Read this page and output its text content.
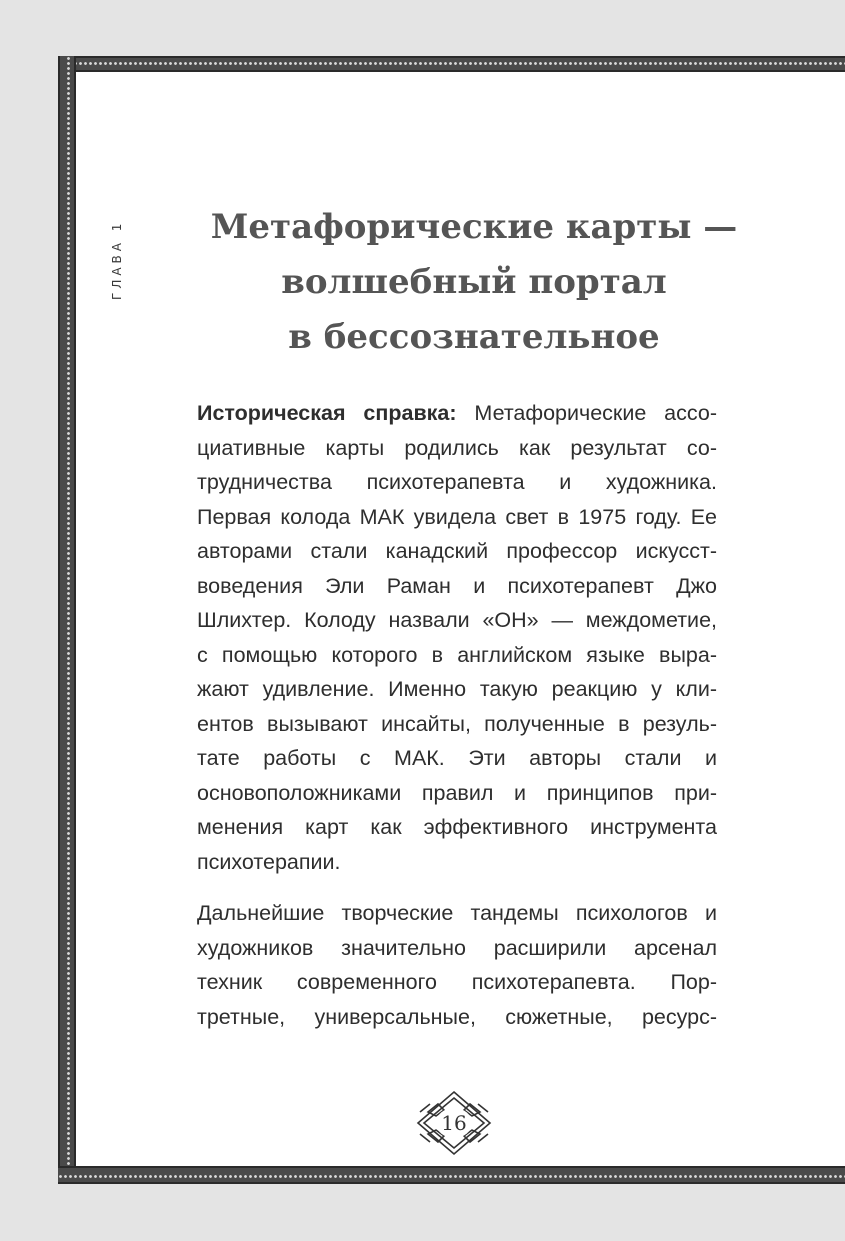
ГЛАВА 1	Метафорические карты —
волшебный портал
в бессознательное
Историческая справка: Метафорические ассо-
циативные карты родились как результат со-
трудничества психотерапевта и художника.
Первая колода МАК увидела свет в 1975 году. Ее
авторами стали канадский профессор искусст-
воведения Эли Раман и психотерапевт Джо
Шлихтер. Колоду назвали «ОН» — междометие,
с помощью которого в английском языке выра-
жают удивление. Именно такую реакцию у кли-
ентов вызывают инсайты, полученные в резуль-
тате работы с МАК. Эти авторы стали и
основоположниками правил и принципов при-
менения карт как эффективного инструмента
психотерапии.
Дальнейшие творческие тандемы психологов и
художников значительно расширили арсенал
техник современного психотерапевта. Пор-
третные, универсальные, сюжетные, ресурс-
16
